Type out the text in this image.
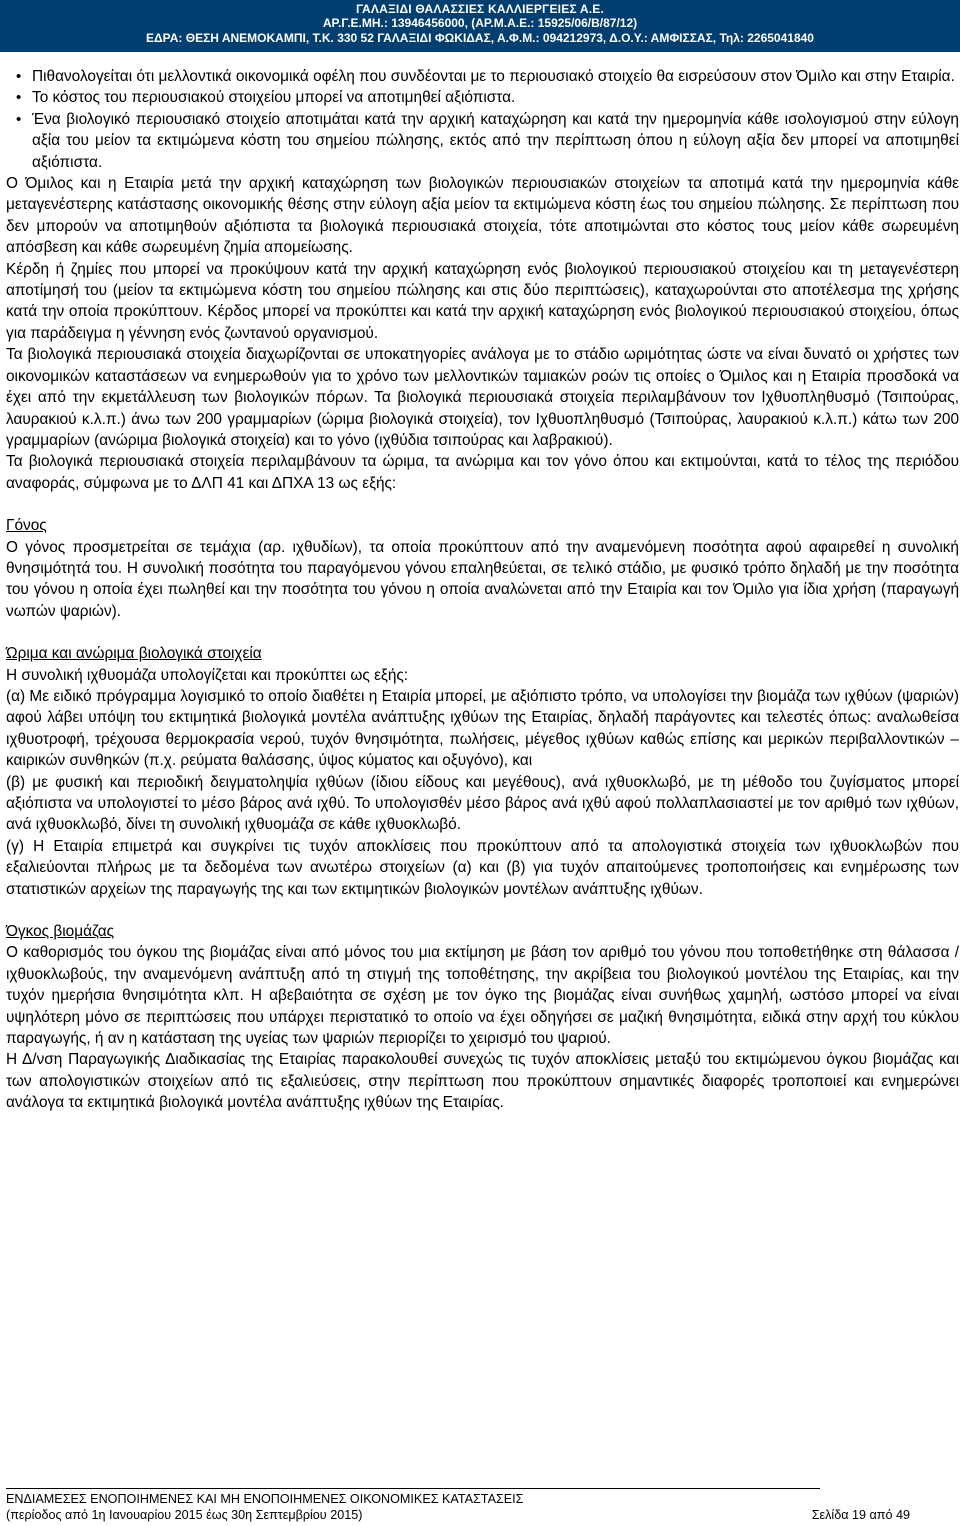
ΓΑΛΑΞΙΔΙ ΘΑΛΑΣΣΙΕΣ ΚΑΛΛΙΕΡΓΕΙΕΣ Α.Ε.
ΑΡ.Γ.Ε.ΜΗ.: 13946456000, (ΑΡ.Μ.Α.Ε.: 15925/06/Β/87/12)
ΕΔΡΑ: ΘΕΣΗ ΑΝΕΜΟΚΑΜΠΙ, Τ.Κ. 330 52 ΓΑΛΑΞΙΔΙ ΦΩΚΙΔΑΣ, Α.Φ.Μ.: 094212973, Δ.Ο.Υ.: ΑΜΦΙΣΣΑΣ, Τηλ: 2265041840
• Πιθανολογείται ότι μελλοντικά οικονομικά οφέλη που συνδέονται με το περιουσιακό στοιχείο θα εισρεύσουν στον Όμιλο και στην Εταιρία.
• Το κόστος του περιουσιακού στοιχείου μπορεί να αποτιμηθεί αξιόπιστα.
• Ένα βιολογικό περιουσιακό στοιχείο αποτιμάται κατά την αρχική καταχώρηση και κατά την ημερομηνία κάθε ισολογισμού στην εύλογη αξία του μείον τα εκτιμώμενα κόστη του σημείου πώλησης, εκτός από την περίπτωση όπου η εύλογη αξία δεν μπορεί να αποτιμηθεί αξιόπιστα.

Ο Όμιλος και η Εταιρία μετά την αρχική καταχώρηση των βιολογικών περιουσιακών στοιχείων τα αποτιμά κατά την ημερομηνία κάθε μεταγενέστερης κατάστασης οικονομικής θέσης στην εύλογη αξία μείον τα εκτιμώμενα κόστη έως του σημείου πώλησης. Σε περίπτωση που δεν μπορούν να αποτιμηθούν αξιόπιστα τα βιολογικά περιουσιακά στοιχεία, τότε αποτιμώνται στο κόστος τους μείον κάθε σωρευμένη απόσβεση και κάθε σωρευμένη ζημία απομείωσης.

Κέρδη ή ζημίες που μπορεί να προκύψουν κατά την αρχική καταχώρηση ενός βιολογικού περιουσιακού στοιχείου και τη μεταγενέστερη αποτίμησή του (μείον τα εκτιμώμενα κόστη του σημείου πώλησης και στις δύο περιπτώσεις), καταχωρούνται στο αποτέλεσμα της χρήσης κατά την οποία προκύπτουν. Κέρδος μπορεί να προκύπτει και κατά την αρχική καταχώρηση ενός βιολογικού περιουσιακού στοιχείου, όπως για παράδειγμα η γέννηση ενός ζωντανού οργανισμού.

Τα βιολογικά περιουσιακά στοιχεία διαχωρίζονται σε υποκατηγορίες ανάλογα με το στάδιο ωριμότητας ώστε να είναι δυνατό οι χρήστες των οικονομικών καταστάσεων να ενημερωθούν για το χρόνο των μελλοντικών ταμιακών ροών τις οποίες ο Όμιλος και η Εταιρία προσδοκά να έχει από την εκμετάλλευση των βιολογικών πόρων. Τα βιολογικά περιουσιακά στοιχεία περιλαμβάνουν τον Ιχθυοπληθυσμό (Τσιπούρας, λαυρακιού κ.λ.π.) άνω των 200 γραμμαρίων (ώριμα βιολογικά στοιχεία), τον Ιχθυοπληθυσμό (Τσιπούρας, λαυρακιού κ.λ.π.) κάτω των 200 γραμμαρίων (ανώριμα βιολογικά στοιχεία) και το γόνο (ιχθύδια τσιπούρας και λαβρακιού).

Τα βιολογικά περιουσιακά στοιχεία περιλαμβάνουν τα ώριμα, τα ανώριμα και τον γόνο όπου και εκτιμούνται, κατά το τέλος της περιόδου αναφοράς, σύμφωνα με το ΔΛΠ 41 και ΔΠΧΑ 13 ως εξής:

Γόνος

Ο γόνος προσμετρείται σε τεμάχια (αρ. ιχθυδίων), τα οποία προκύπτουν από την αναμενόμενη ποσότητα αφού αφαιρεθεί η συνολική θνησιμότητά του. Η συνολική ποσότητα του παραγόμενου γόνου επαληθεύεται, σε τελικό στάδιο, με φυσικό τρόπο δηλαδή με την ποσότητα του γόνου η οποία έχει πωληθεί και την ποσότητα του γόνου η οποία αναλώνεται από την Εταιρία και τον Όμιλο για ίδια χρήση (παραγωγή νωπών ψαριών).

Ώριμα και ανώριμα βιολογικά στοιχεία

Η συνολική ιχθυομάζα υπολογίζεται και προκύπτει ως εξής:

(α) Με ειδικό πρόγραμμα λογισμικό το οποίο διαθέτει η Εταιρία μπορεί, με αξιόπιστο τρόπο, να υπολογίσει την βιομάζα των ιχθύων (ψαριών) αφού λάβει υπόψη του εκτιμητικά βιολογικά μοντέλα ανάπτυξης ιχθύων της Εταιρίας, δηλαδή παράγοντες και τελεστές όπως: αναλωθείσα ιχθυοτροφή, τρέχουσα θερμοκρασία νερού, τυχόν θνησιμότητα, πωλήσεις, μέγεθος ιχθύων καθώς επίσης και μερικών περιβαλλοντικών – καιρικών συνθηκών (π.χ. ρεύματα θαλάσσης, ύψος κύματος και οξυγόνο), και

(β) με φυσική και περιοδική δειγματοληψία ιχθύων (ίδιου είδους και μεγέθους), ανά ιχθυοκλωβό, με τη μέθοδο του ζυγίσματος μπορεί αξιόπιστα να υπολογιστεί το μέσο βάρος ανά ιχθύ. Το υπολογισθέν μέσο βάρος ανά ιχθύ αφού πολλαπλασιαστεί με τον αριθμό των ιχθύων, ανά ιχθυοκλωβό, δίνει τη συνολική ιχθυομάζα σε κάθε ιχθυοκλωβό.

(γ) Η Εταιρία επιμετρά και συγκρίνει τις τυχόν αποκλίσεις που προκύπτουν από τα απολογιστικά στοιχεία των ιχθυοκλωβών που εξαλιεύονται πλήρως με τα δεδομένα των ανωτέρω στοιχείων (α) και (β) για τυχόν απαιτούμενες τροποποιήσεις και ενημέρωσης των στατιστικών αρχείων της παραγωγής της και των εκτιμητικών βιολογικών μοντέλων ανάπτυξης ιχθύων.

Όγκος βιομάζας

Ο καθορισμός του όγκου της βιομάζας είναι από μόνος του μια εκτίμηση με βάση τον αριθμό του γόνου που τοποθετήθηκε στη θάλασσα / ιχθυοκλωβούς, την αναμενόμενη ανάπτυξη από τη στιγμή της τοποθέτησης, την ακρίβεια του βιολογικού μοντέλου της Εταιρίας, και την τυχόν ημερήσια θνησιμότητα κλπ. Η αβεβαιότητα σε σχέση με τον όγκο της βιομάζας είναι συνήθως χαμηλή, ωστόσο μπορεί να είναι υψηλότερη μόνο σε περιπτώσεις που υπάρχει περιστατικό το οποίο να έχει οδηγήσει σε μαζική θνησιμότητα, ειδικά στην αρχή του κύκλου παραγωγής, ή αν η κατάσταση της υγείας των ψαριών περιορίζει το χειρισμό του ψαριού.

Η Δ/νση Παραγωγικής Διαδικασίας της Εταιρίας παρακολουθεί συνεχώς τις τυχόν αποκλίσεις μεταξύ του εκτιμώμενου όγκου βιομάζας και των απολογιστικών στοιχείων από τις εξαλιεύσεις, στην περίπτωση που προκύπτουν σημαντικές διαφορές τροποποιεί και ενημερώνει ανάλογα τα εκτιμητικά βιολογικά μοντέλα ανάπτυξης ιχθύων της Εταιρίας.

ΕΝΔΙΑΜΕΣΕΣ ΕΝΟΠΟΙΗΜΕΝΕΣ ΚΑΙ ΜΗ ΕΝΟΠΟΙΗΜΕΝΕΣ ΟΙΚΟΝΟΜΙΚΕΣ ΚΑΤΑΣΤΑΣΕΙΣ
(περίοδος από 1η Ιανουαρίου 2015 έως 30η Σεπτεμβρίου 2015)	Σελίδα 19 από 49
